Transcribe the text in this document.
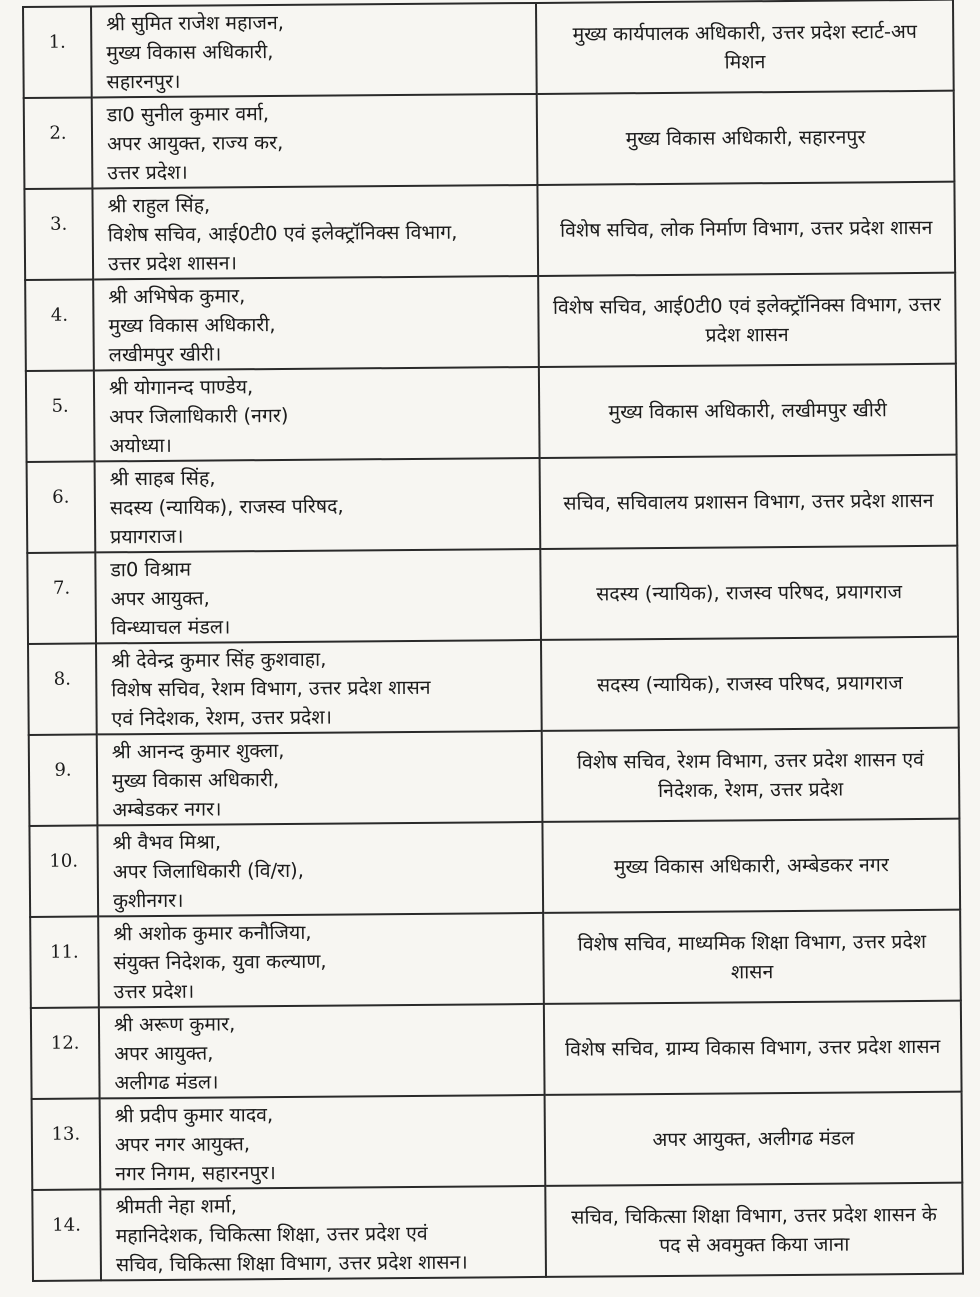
1.	श्री सुमित राजेश महाजन,
मुख्य विकास अधिकारी,
सहारनपुर।	मुख्य कार्यपालक अधिकारी, उत्तर प्रदेश स्टार्ट-अप मिशन
2.	डा0 सुनील कुमार वर्मा,
अपर आयुक्त, राज्य कर,
उत्तर प्रदेश।	मुख्य विकास अधिकारी, सहारनपुर
3.	श्री राहुल सिंह,
विशेष सचिव, आई0टी0 एवं इलेक्ट्रॉनिक्स विभाग,
उत्तर प्रदेश शासन।	विशेष सचिव, लोक निर्माण विभाग, उत्तर प्रदेश शासन
4.	श्री अभिषेक कुमार,
मुख्य विकास अधिकारी,
लखीमपुर खीरी।	विशेष सचिव, आई0टी0 एवं इलेक्ट्रॉनिक्स विभाग, उत्तर प्रदेश शासन
5.	श्री योगानन्द पाण्डेय,
अपर जिलाधिकारी (नगर)
अयोध्या।	मुख्य विकास अधिकारी, लखीमपुर खीरी
6.	श्री साहब सिंह,
सदस्य (न्यायिक), राजस्व परिषद,
प्रयागराज।	सचिव, सचिवालय प्रशासन विभाग, उत्तर प्रदेश शासन
7.	डा0 विश्राम
अपर आयुक्त,
विन्ध्याचल मंडल।	सदस्य (न्यायिक), राजस्व परिषद, प्रयागराज
8.	श्री देवेन्द्र कुमार सिंह कुशवाहा,
विशेष सचिव, रेशम विभाग, उत्तर प्रदेश शासन
एवं निदेशक, रेशम, उत्तर प्रदेश।	सदस्य (न्यायिक), राजस्व परिषद, प्रयागराज
9.	श्री आनन्द कुमार शुक्ला,
मुख्य विकास अधिकारी,
अम्बेडकर नगर।	विशेष सचिव, रेशम विभाग, उत्तर प्रदेश शासन एवं निदेशक, रेशम, उत्तर प्रदेश
10.	श्री वैभव मिश्रा,
अपर जिलाधिकारी (वि/रा),
कुशीनगर।	मुख्य विकास अधिकारी, अम्बेडकर नगर
11.	श्री अशोक कुमार कनौजिया,
संयुक्त निदेशक, युवा कल्याण,
उत्तर प्रदेश।	विशेष सचिव, माध्यमिक शिक्षा विभाग, उत्तर प्रदेश शासन
12.	श्री अरूण कुमार,
अपर आयुक्त,
अलीगढ मंडल।	विशेष सचिव, ग्राम्य विकास विभाग, उत्तर प्रदेश शासन
13.	श्री प्रदीप कुमार यादव,
अपर नगर आयुक्त,
नगर निगम, सहारनपुर।	अपर आयुक्त, अलीगढ मंडल
14.	श्रीमती नेहा शर्मा,
महानिदेशक, चिकित्सा शिक्षा, उत्तर प्रदेश एवं
सचिव, चिकित्सा शिक्षा विभाग, उत्तर प्रदेश शासन।	सचिव, चिकित्सा शिक्षा विभाग, उत्तर प्रदेश शासन के पद से अवमुक्त किया जाना
